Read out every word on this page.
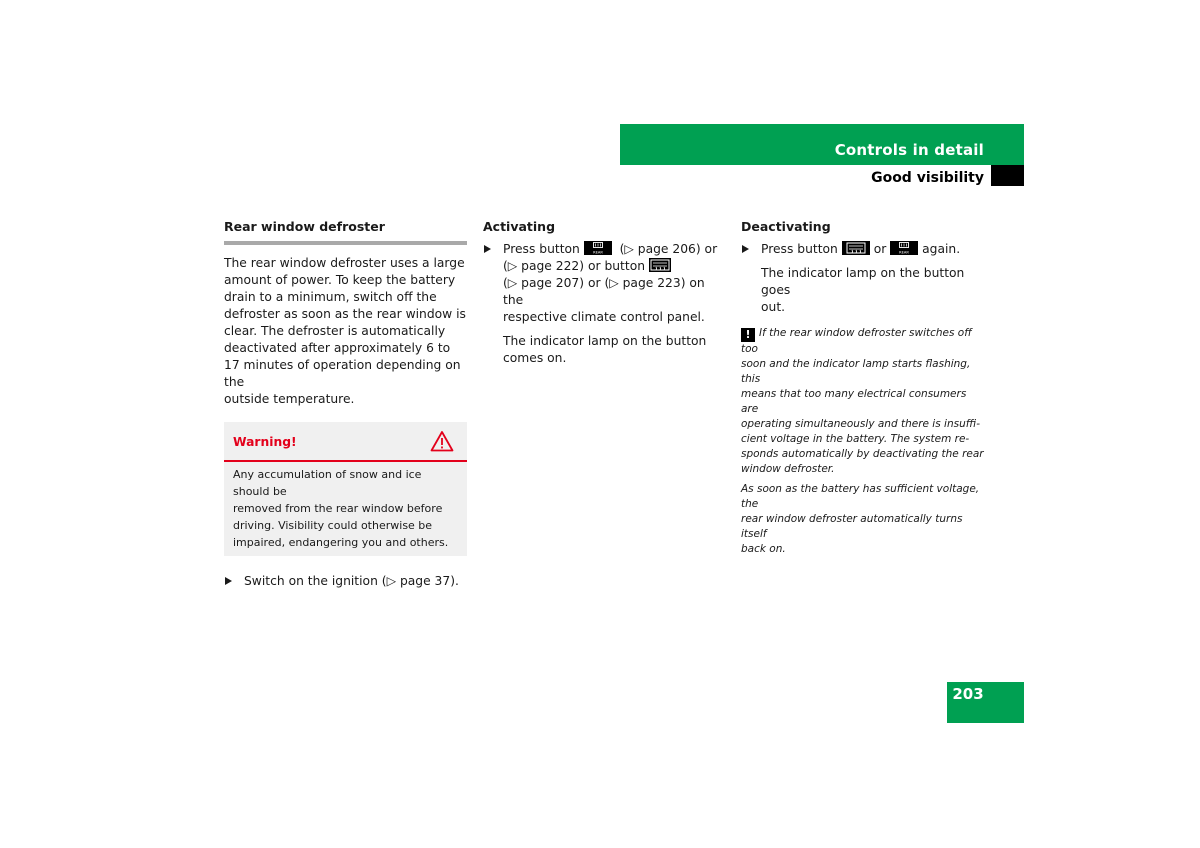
Controls in detail
Good visibility

Rear window defroster

The rear window defroster uses a large
amount of power. To keep the battery
drain to a minimum, switch off the
defroster as soon as the rear window is
clear. The defroster is automatically
deactivated after approximately 6 to
17 minutes of operation depending on the
outside temperature.

Warning!
Any accumulation of snow and ice should be
removed from the rear window before
driving. Visibility could otherwise be
impaired, endangering you and others.

Switch on the ignition (▷ page 37).

Activating

Press button	REAR (▷ page 206) or
(▷ page 222) or button

(▷ page 207) or (▷ page 223) on the
respective climate control panel.

The indicator lamp on the button
comes on.

Deactivating

Press button	or	REAR again.

The indicator lamp on the button goes
out.

! If the rear window defroster switches off too
soon and the indicator lamp starts flashing, this
means that too many electrical consumers are
operating simultaneously and there is insuffi-
cient voltage in the battery. The system re-
sponds automatically by deactivating the rear
window defroster.

As soon as the battery has sufficient voltage, the
rear window defroster automatically turns itself
back on.

203
